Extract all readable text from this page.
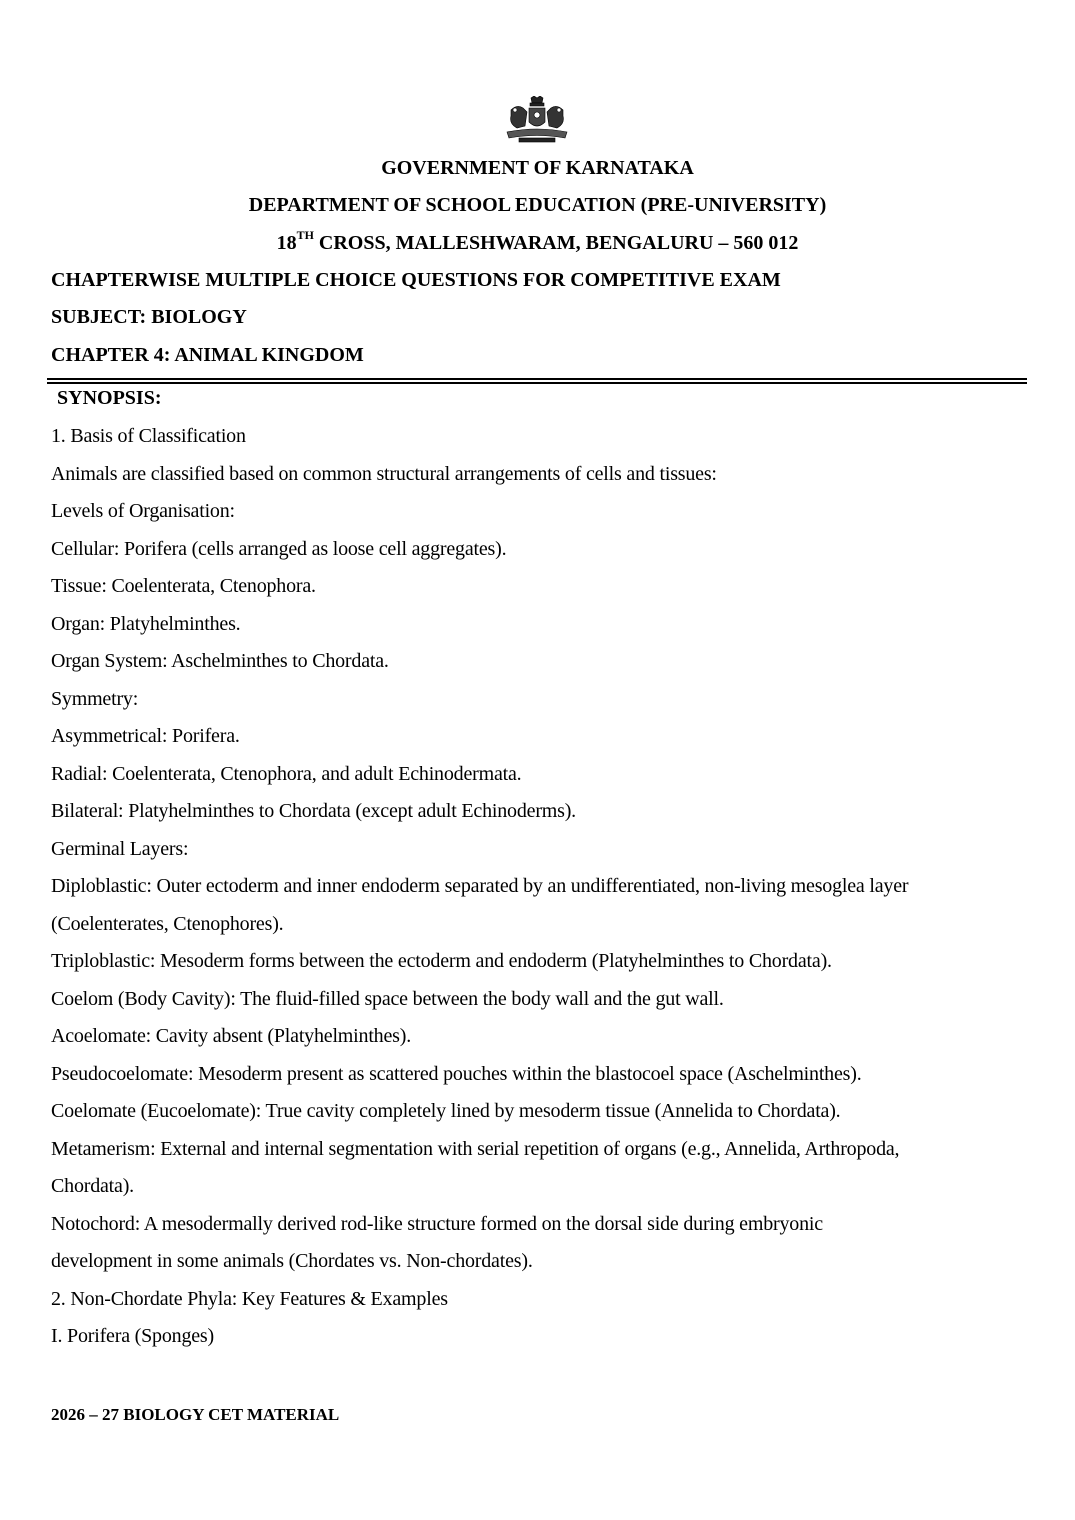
GOVERNMENT OF KARNATAKA
DEPARTMENT OF SCHOOL EDUCATION (PRE-UNIVERSITY)
18TH CROSS, MALLESHWARAM, BENGALURU – 560 012
CHAPTERWISE MULTIPLE CHOICE QUESTIONS FOR COMPETITIVE EXAM
SUBJECT: BIOLOGY
CHAPTER 4: ANIMAL KINGDOM
SYNOPSIS:
1. Basis of Classification
Animals are classified based on common structural arrangements of cells and tissues:
Levels of Organisation:
Cellular: Porifera (cells arranged as loose cell aggregates).
Tissue: Coelenterata, Ctenophora.
Organ: Platyhelminthes.
Organ System: Aschelminthes to Chordata.
Symmetry:
Asymmetrical: Porifera.
Radial: Coelenterata, Ctenophora, and adult Echinodermata.
Bilateral: Platyhelminthes to Chordata (except adult Echinoderms).
Germinal Layers:
Diploblastic: Outer ectoderm and inner endoderm separated by an undifferentiated, non-living mesoglea layer
(Coelenterates, Ctenophores).
Triploblastic: Mesoderm forms between the ectoderm and endoderm (Platyhelminthes to Chordata).
Coelom (Body Cavity): The fluid-filled space between the body wall and the gut wall.
Acoelomate: Cavity absent (Platyhelminthes).
Pseudocoelomate: Mesoderm present as scattered pouches within the blastocoel space (Aschelminthes).
Coelomate (Eucoelomate): True cavity completely lined by mesoderm tissue (Annelida to Chordata).
Metamerism: External and internal segmentation with serial repetition of organs (e.g., Annelida, Arthropoda,
Chordata).
Notochord: A mesodermally derived rod-like structure formed on the dorsal side during embryonic
development in some animals (Chordates vs. Non-chordates).
2. Non-Chordate Phyla: Key Features & Examples
I. Porifera (Sponges)
2026 – 27 BIOLOGY CET MATERIAL
